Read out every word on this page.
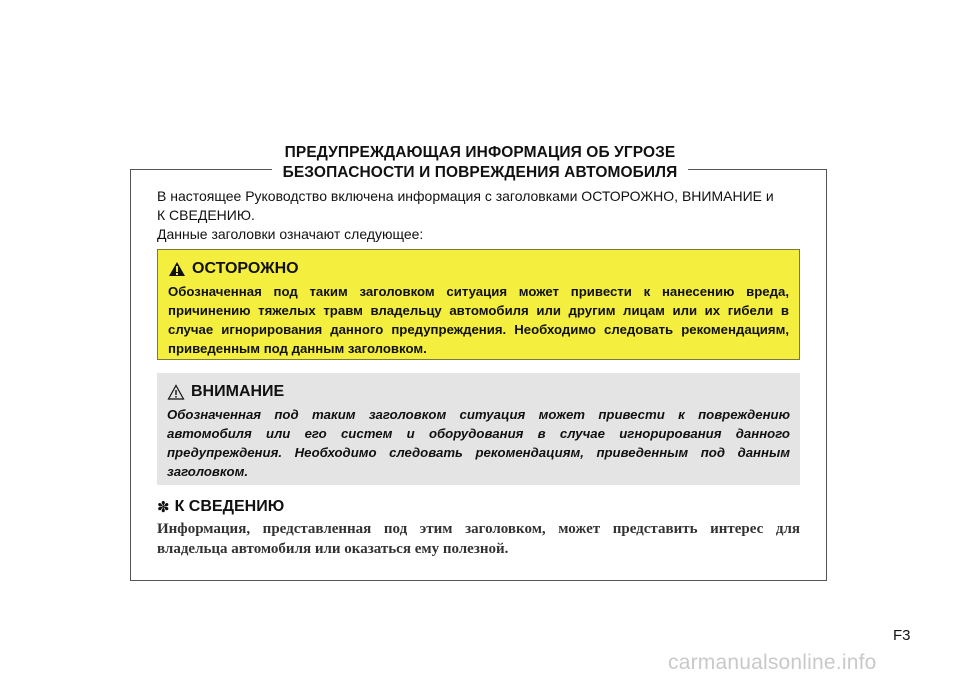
ПРЕДУПРЕЖДАЮЩАЯ ИНФОРМАЦИЯ ОБ УГРОЗЕ
БЕЗОПАСНОСТИ И ПОВРЕЖДЕНИЯ АВТОМОБИЛЯ
В настоящее Руководство включена информация с заголовками ОСТОРОЖНО, ВНИМАНИЕ и
К СВЕДЕНИЮ.
Данные заголовки означают следующее:
ОСТОРОЖНО
Обозначенная под таким заголовком ситуация может привести к нанесению вреда, причинению тяжелых травм владельцу автомобиля или другим лицам или их гибели в случае игнорирования данного предупреждения. Необходимо следовать рекомендациям, приведенным под данным заголовком.
ВНИМАНИЕ
Обозначенная под таким заголовком ситуация может привести к повреждению автомобиля или его систем и оборудования в случае игнорирования данного предупреждения. Необходимо следовать рекомендациям, приведенным под данным заголовком.
✽ К СВЕДЕНИЮ
Информация, представленная под этим заголовком, может представить интерес для владельца автомобиля или оказаться ему полезной.
F3
carmanualsonline.info
